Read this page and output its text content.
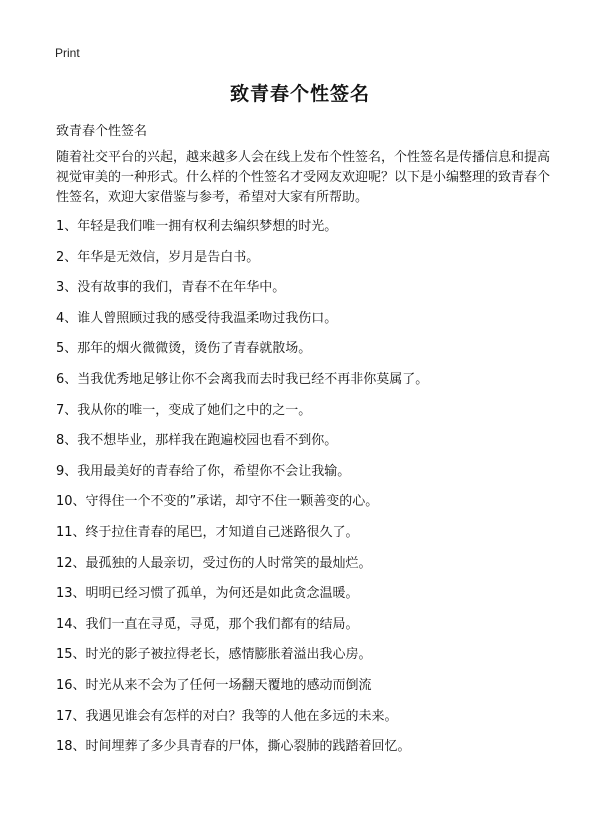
Print
致青春个性签名
致青春个性签名

随着社交平台的兴起，越来越多人会在线上发布个性签名，个性签名是传播信息和提高视觉审美的一种形式。什么样的个性签名才受网友欢迎呢？以下是小编整理的致青春个性签名，欢迎大家借鉴与参考，希望对大家有所帮助。

1、年轻是我们唯一拥有权利去编织梦想的时光。
2、年华是无效信，岁月是告白书。
3、没有故事的我们，青春不在年华中。
4、谁人曾照顾过我的感受待我温柔吻过我伤口。
5、那年的烟火微微烫，烫伤了青春就散场。
6、当我优秀地足够让你不会离我而去时我已经不再非你莫属了。
7、我从你的唯一，变成了她们之中的之一。
8、我不想毕业，那样我在跑遍校园也看不到你。
9、我用最美好的青春给了你，希望你不会让我输。
10、守得住一个不变的”承诺，却守不住一颗善变的心。
11、终于拉住青春的尾巴，才知道自己迷路很久了。
12、最孤独的人最亲切，受过伤的人时常笑的最灿烂。
13、明明已经习惯了孤单，为何还是如此贪念温暖。
14、我们一直在寻觅，寻觅，那个我们都有的结局。
15、时光的影子被拉得老长，感情膨胀着溢出我心房。
16、时光从来不会为了任何一场翻天覆地的感动而倒流
17、我遇见谁会有怎样的对白？我等的人他在多远的未来。
18、时间埋葬了多少具青春的尸体，撕心裂肺的践踏着回忆。
